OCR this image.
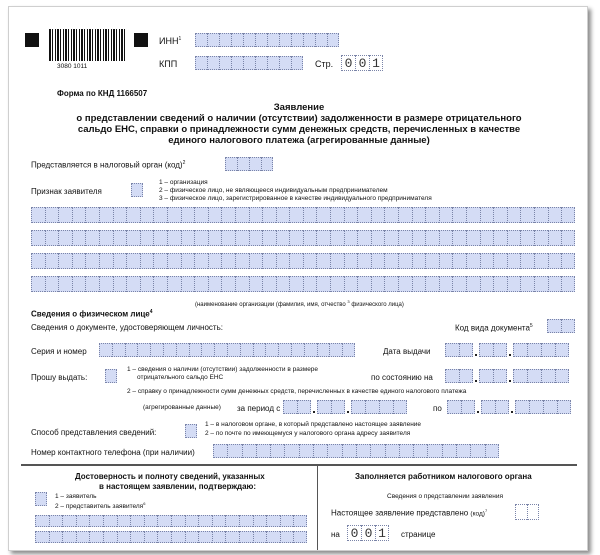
3080 1011
ИНН$^1$
КПП	Стр. 0 0 1
Форма по КНД 1166507
Заявление
о представлении сведений о наличии (отсутствии) задолженности в размере отрицательного
сальдо ЕНС, справки о принадлежности сумм денежных средств, перечисленных в качестве
единого налогового платежа (агрегированные данные)
Представляется в налоговый орган (код)$^2$
Признак заявителя
1 – организация
2 – физическое лицо, не являющееся индивидуальным предпринимателем
3 – физическое лицо, зарегистрированное в качестве индивидуального предпринимателя
(наименование организации (фамилия, имя, отчество $^3$ физического лица)
Сведения о физическом лице$^4$
Сведения о документе, удостоверяющем личность:	Код вида документа$^5$
Серия и номер	Дата выдачи
Прошу выдать:
1 – сведения о наличии (отсутствии) задолженности в размере
отрицательного сальдо ЕНС	по состоянию на
2 – справку о принадлежности сумм денежных средств, перечисленных в качестве единого налогового платежа
(агрегированные данные) за период с	по
Способ представления сведений:
1 – в налоговом органе, в который представлено настоящее заявление
2 – по почте по имеющемуся у налогового органа адресу заявителя
Номер контактного телефона (при наличии)
Достоверность и полноту сведений, указанных
в настоящем заявлении, подтверждаю:
1 – заявитель
2 – представитель заявителя$^6$
Заполняется работником налогового органа
Сведения о представлении заявления
Настоящее заявление представлено (код)$^7$
на 0 0 1	странице
